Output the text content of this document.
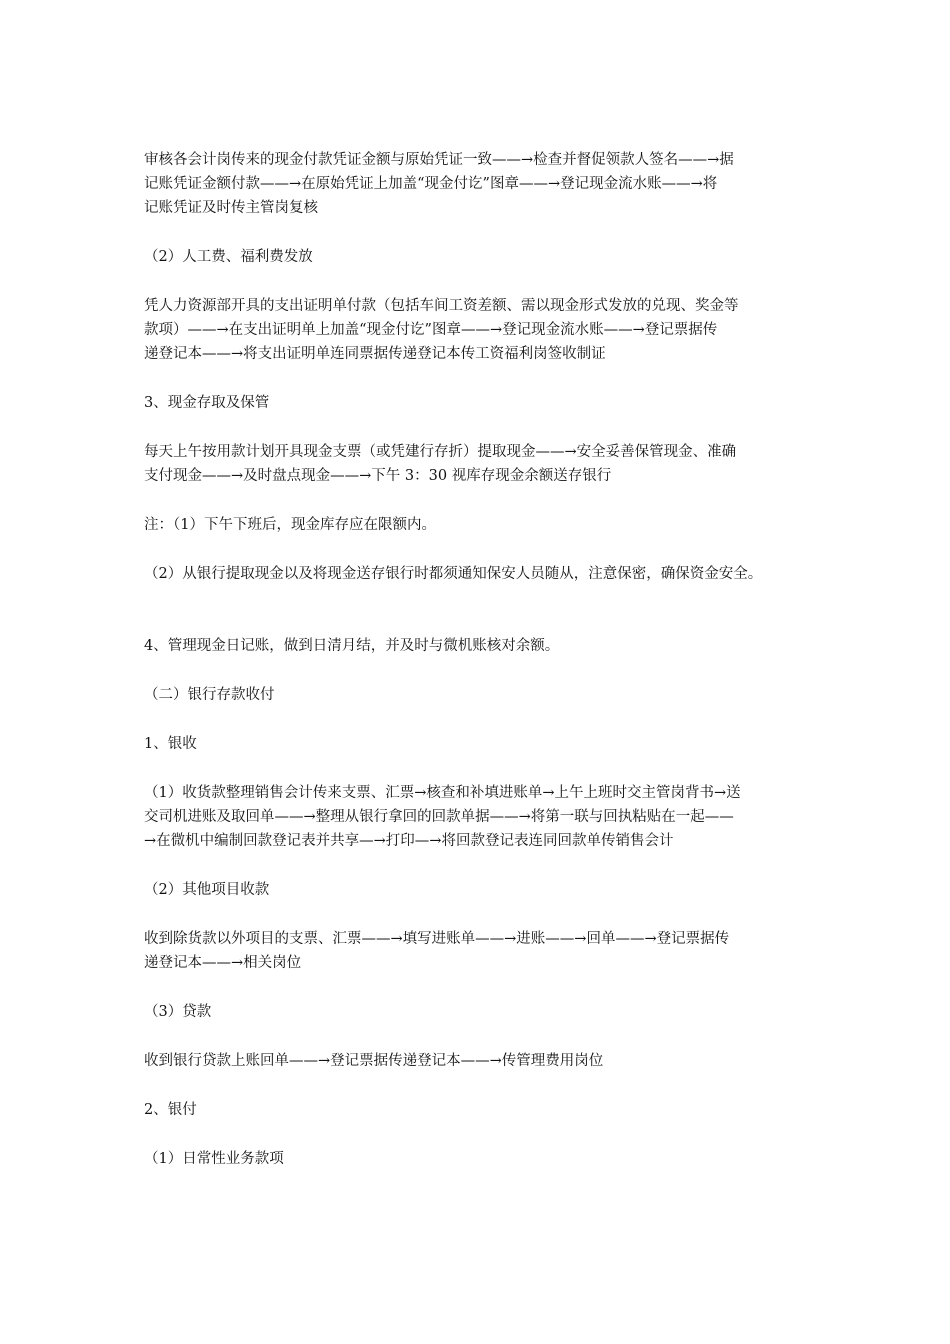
审核各会计岗传来的现金付款凭证金额与原始凭证一致——→检查并督促领款人签名——→据
记账凭证金额付款——→在原始凭证上加盖“现金付讫”图章——→登记现金流水账——→将
记账凭证及时传主管岗复核

（2）人工费、福利费发放

凭人力资源部开具的支出证明单付款（包括车间工资差额、需以现金形式发放的兑现、奖金等
款项）——→在支出证明单上加盖“现金付讫”图章——→登记现金流水账——→登记票据传
递登记本——→将支出证明单连同票据传递登记本传工资福利岗签收制证

3、现金存取及保管

每天上午按用款计划开具现金支票（或凭建行存折）提取现金——→安全妥善保管现金、准确
支付现金——→及时盘点现金——→下午 3：30 视库存现金余额送存银行

注：（1）下午下班后，现金库存应在限额内。

（2）从银行提取现金以及将现金送存银行时都须通知保安人员随从，注意保密，确保资金安全。

4、管理现金日记账，做到日清月结，并及时与微机账核对余额。

（二）银行存款收付

1、银收

（1）收货款整理销售会计传来支票、汇票→核查和补填进账单→上午上班时交主管岗背书→送
交司机进账及取回单——→整理从银行拿回的回款单据——→将第一联与回执粘贴在一起——
→在微机中编制回款登记表并共享—→打印—→将回款登记表连同回款单传销售会计

（2）其他项目收款

收到除货款以外项目的支票、汇票——→填写进账单——→进账——→回单——→登记票据传
递登记本——→相关岗位

（3）贷款

收到银行贷款上账回单——→登记票据传递登记本——→传管理费用岗位

2、银付

（1）日常性业务款项
